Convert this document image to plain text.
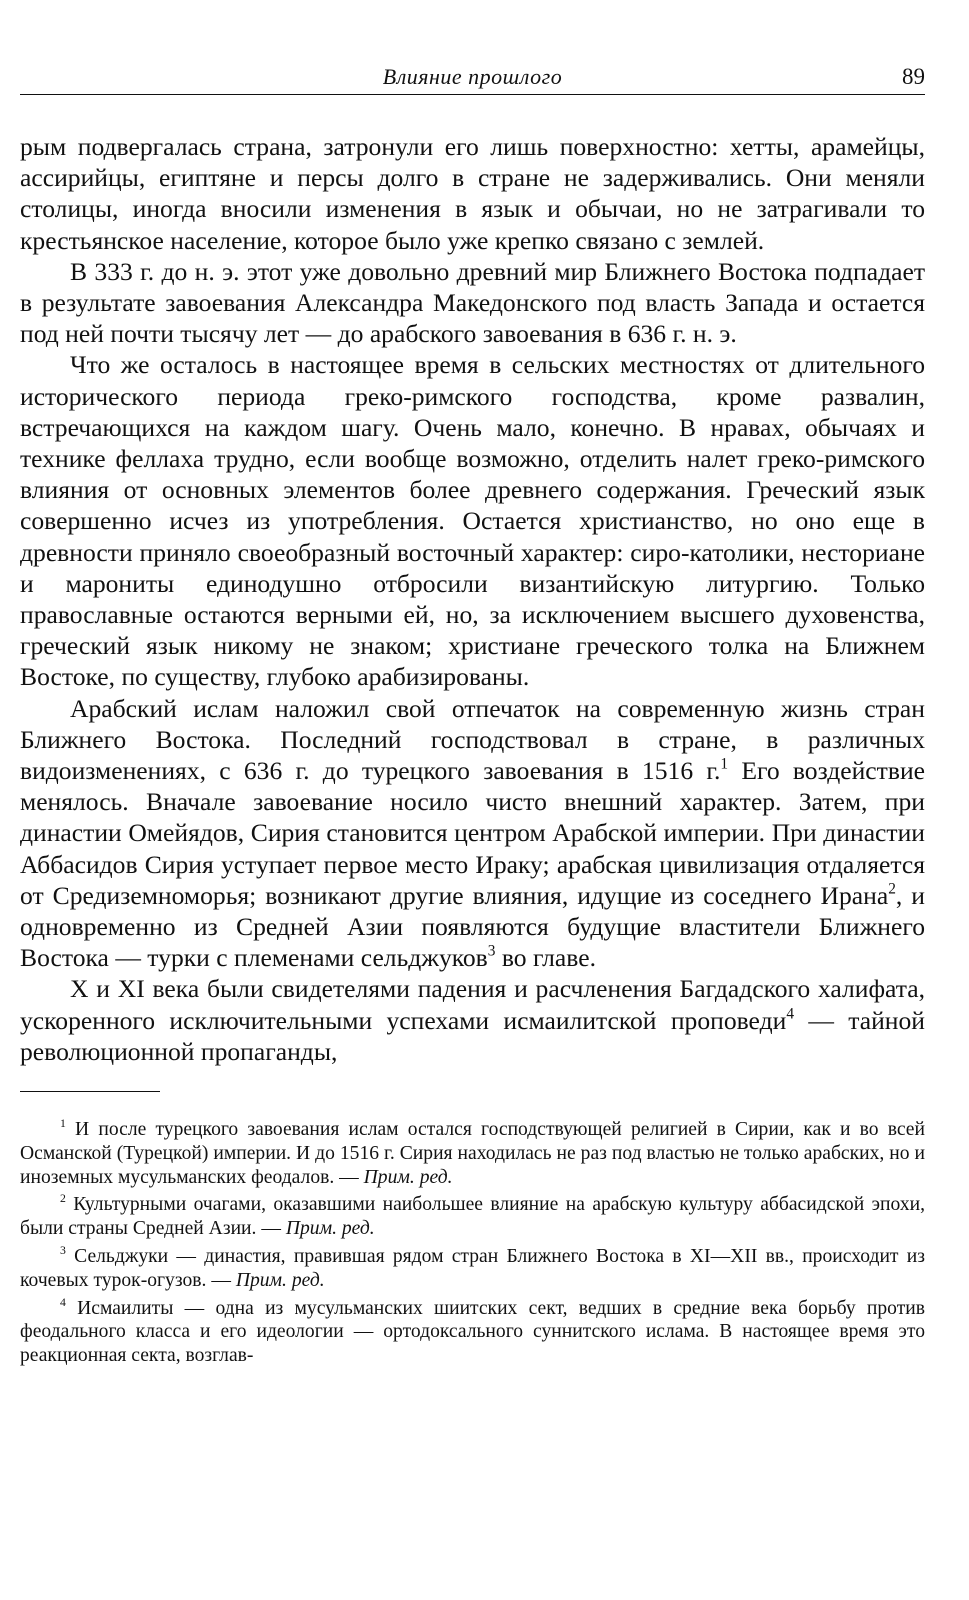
Влияние прошлого	89

рым подвергалась страна, затронули его лишь поверхностно: хетты, арамейцы, ассирийцы, египтяне и персы долго в стране не задерживались. Они меняли столицы, иногда вносили изменения в язык и обычаи, но не затрагивали то крестьянское население, которое было уже крепко связано с землей.

В 333 г. до н. э. этот уже довольно древний мир Ближнего Востока подпадает в результате завоевания Александра Македонского под власть Запада и остается под ней почти тысячу лет — до арабского завоевания в 636 г. н. э.

Что же осталось в настоящее время в сельских местностях от длительного исторического периода греко-римского господства, кроме развалин, встречающихся на каждом шагу. Очень мало, конечно. В нравах, обычаях и технике феллаха трудно, если вообще возможно, отделить налет греко-римского влияния от основных элементов более древнего содержания. Греческий язык совершенно исчез из употребления. Остается христианство, но оно еще в древности приняло своеобразный восточный характер: сиро-католики, несториане и марониты единодушно отбросили византийскую литургию. Только православные остаются верными ей, но, за исключением высшего духовенства, греческий язык никому не знаком; христиане греческого толка на Ближнем Востоке, по существу, глубоко арабизированы.

Арабский ислам наложил свой отпечаток на современную жизнь стран Ближнего Востока. Последний господствовал в стране, в различных видоизменениях, с 636 г. до турецкого завоевания в 1516 г.$^1$ Его воздействие менялось. Вначале завоевание носило чисто внешний характер. Затем, при династии Омейядов, Сирия становится центром Арабской империи. При династии Аббасидов Сирия уступает первое место Ираку; арабская цивилизация отдаляется от Средиземноморья; возникают другие влияния, идущие из соседнего Ирана$^2$, и одновременно из Средней Азии появляются будущие властители Ближнего Востока — турки с племенами сельджуков$^3$ во главе.

X и XI века были свидетелями падения и расчленения Багдадского халифата, ускоренного исключительными успехами исмаилитской проповеди$^4$ — тайной революционной пропаганды,

$^1$ И после турецкого завоевания ислам остался господствующей религией в Сирии, как и во всей Османской (Турецкой) империи. И до 1516 г. Сирия находилась не раз под властью не только арабских, но и иноземных мусульманских феодалов. — Прим. ред.

$^2$ Культурными очагами, оказавшими наибольшее влияние на арабскую культуру аббасидской эпохи, были страны Средней Азии. — Прим. ред.

$^3$ Сельджуки — династия, правившая рядом стран Ближнего Востока в XI—XII вв., происходит из кочевых турок-огузов. — Прим. ред.

$^4$ Исмаилиты — одна из мусульманских шиитских сект, ведших в средние века борьбу против феодального класса и его идеологии — ортодоксального суннитского ислама. В настоящее время это реакционная секта, возглав-
